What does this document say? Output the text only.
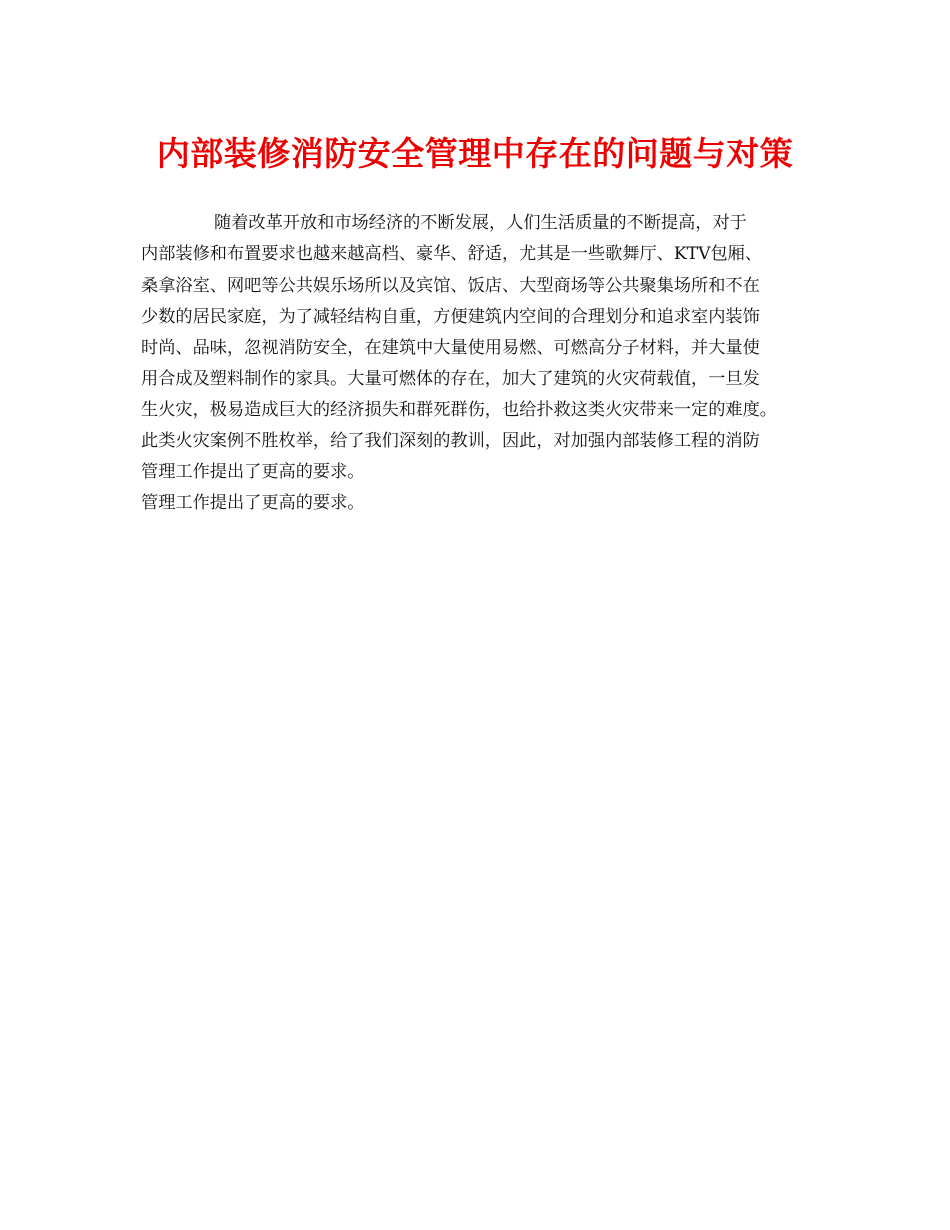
内部装修消防安全管理中存在的问题与对策
随着改革开放和市场经济的不断发展，人们生活质量的不断提高，对于
内部装修和布置要求也越来越高档、豪华、舒适，尤其是一些歌舞厅、KTV包厢、
桑拿浴室、网吧等公共娱乐场所以及宾馆、饭店、大型商场等公共聚集场所和不在
少数的居民家庭，为了减轻结构自重，方便建筑内空间的合理划分和追求室内装饰
时尚、品味，忽视消防安全，在建筑中大量使用易燃、可燃高分子材料，并大量使
用合成及塑料制作的家具。大量可燃体的存在，加大了建筑的火灾荷载值，一旦发
生火灾，极易造成巨大的经济损失和群死群伤，也给扑救这类火灾带来一定的难度。
此类火灾案例不胜枚举，给了我们深刻的教训，因此，对加强内部装修工程的消防
管理工作提出了更高的要求。
管理工作提出了更高的要求。
